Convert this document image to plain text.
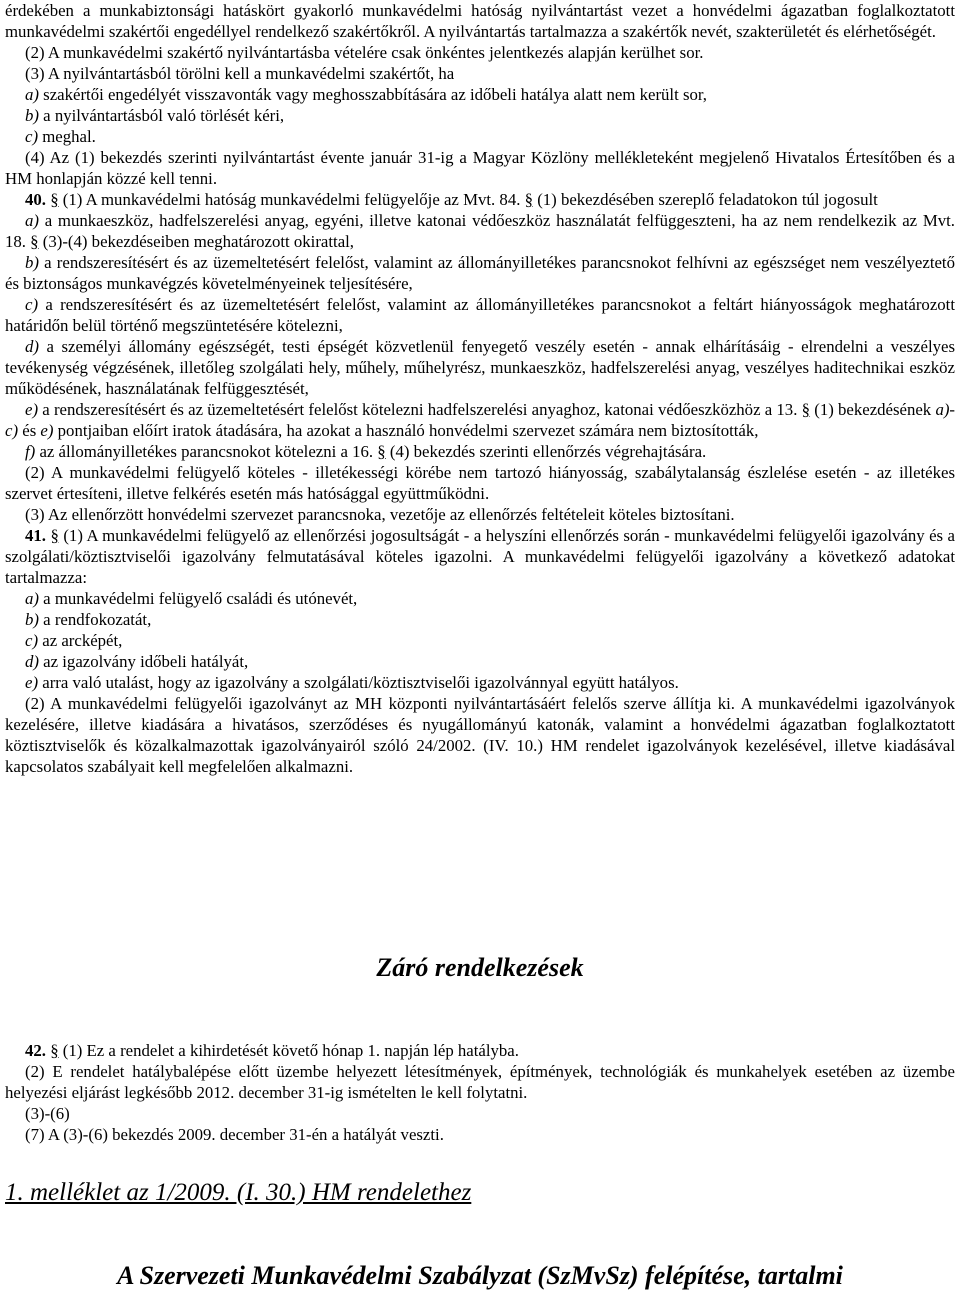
érdekében a munkabiztonsági hatáskört gyakorló munkavédelmi hatóság nyilvántartást vezet a honvédelmi ágazatban foglalkoztatott munkavédelmi szakértői engedéllyel rendelkező szakértőkről. A nyilvántartás tartalmazza a szakértők nevét, szakterületét és elérhetőségét.

(2) A munkavédelmi szakértő nyilvántartásba vételére csak önkéntes jelentkezés alapján kerülhet sor.

(3) A nyilvántartásból törölni kell a munkavédelmi szakértőt, ha

a) szakértői engedélyét visszavonták vagy meghosszabbítására az időbeli hatálya alatt nem került sor,

b) a nyilvántartásból való törlését kéri,

c) meghal.

(4) Az (1) bekezdés szerinti nyilvántartást évente január 31-ig a Magyar Közlöny mellékleteként megjelenő Hivatalos Értesítőben és a HM honlapján közzé kell tenni.

40. § (1) A munkavédelmi hatóság munkavédelmi felügyelője az Mvt. 84. § (1) bekezdésében szereplő feladatokon túl jogosult

a) a munkaeszköz, hadfelszerelési anyag, egyéni, illetve katonai védőeszköz használatát felfüggeszteni, ha az nem rendelkezik az Mvt. 18. § (3)-(4) bekezdéseiben meghatározott okirattal,

b) a rendszeresítésért és az üzemeltetésért felelőst, valamint az állományilletékes parancsnokot felhívni az egészséget nem veszélyeztető és biztonságos munkavégzés követelményeinek teljesítésére,

c) a rendszeresítésért és az üzemeltetésért felelőst, valamint az állományilletékes parancsnokot a feltárt hiányosságok meghatározott határidőn belül történő megszüntetésére kötelezni,

d) a személyi állomány egészségét, testi épségét közvetlenül fenyegető veszély esetén - annak elhárításáig - elrendelni a veszélyes tevékenység végzésének, illetőleg szolgálati hely, műhely, műhelyrész, munkaeszköz, hadfelszerelési anyag, veszélyes haditechnikai eszköz működésének, használatának felfüggesztését,

e) a rendszeresítésért és az üzemeltetésért felelőst kötelezni hadfelszerelési anyaghoz, katonai védőeszközhöz a 13. § (1) bekezdésének a)-c) és e) pontjaiban előírt iratok átadására, ha azokat a használó honvédelmi szervezet számára nem biztosították,

f) az állományilletékes parancsnokot kötelezni a 16. § (4) bekezdés szerinti ellenőrzés végrehajtására.

(2) A munkavédelmi felügyelő köteles - illetékességi körébe nem tartozó hiányosság, szabálytalanság észlelése esetén - az illetékes szervet értesíteni, illetve felkérés esetén más hatósággal együttműködni.

(3) Az ellenőrzött honvédelmi szervezet parancsnoka, vezetője az ellenőrzés feltételeit köteles biztosítani.

41. § (1) A munkavédelmi felügyelő az ellenőrzési jogosultságát - a helyszíni ellenőrzés során - munkavédelmi felügyelői igazolvány és a szolgálati/köztisztviselői igazolvány felmutatásával köteles igazolni. A munkavédelmi felügyelői igazolvány a következő adatokat tartalmazza:

a) a munkavédelmi felügyelő családi és utónevét,

b) a rendfokozatát,

c) az arcképét,

d) az igazolvány időbeli hatályát,

e) arra való utalást, hogy az igazolvány a szolgálati/köztisztviselői igazolvánnyal együtt hatályos.

(2) A munkavédelmi felügyelői igazolványt az MH központi nyilvántartásáért felelős szerve állítja ki. A munkavédelmi igazolványok kezelésére, illetve kiadására a hivatásos, szerződéses és nyugállományú katonák, valamint a honvédelmi ágazatban foglalkoztatott köztisztviselők és közalkalmazottak igazolványairól szóló 24/2002. (IV. 10.) HM rendelet igazolványok kezelésével, illetve kiadásával kapcsolatos szabályait kell megfelelően alkalmazni.

Záró rendelkezések

42. § (1) Ez a rendelet a kihirdetését követő hónap 1. napján lép hatályba.

(2) E rendelet hatálybalépése előtt üzembe helyezett létesítmények, építmények, technológiák és munkahelyek esetében az üzembe helyezési eljárást legkésőbb 2012. december 31-ig ismételten le kell folytatni.

(3)-(6)

(7) A (3)-(6) bekezdés 2009. december 31-én a hatályát veszti.

1. melléklet az 1/2009. (I. 30.) HM rendelethez
A Szervezeti Munkavédelmi Szabályzat (SzMvSz) felépítése, tartalmi
